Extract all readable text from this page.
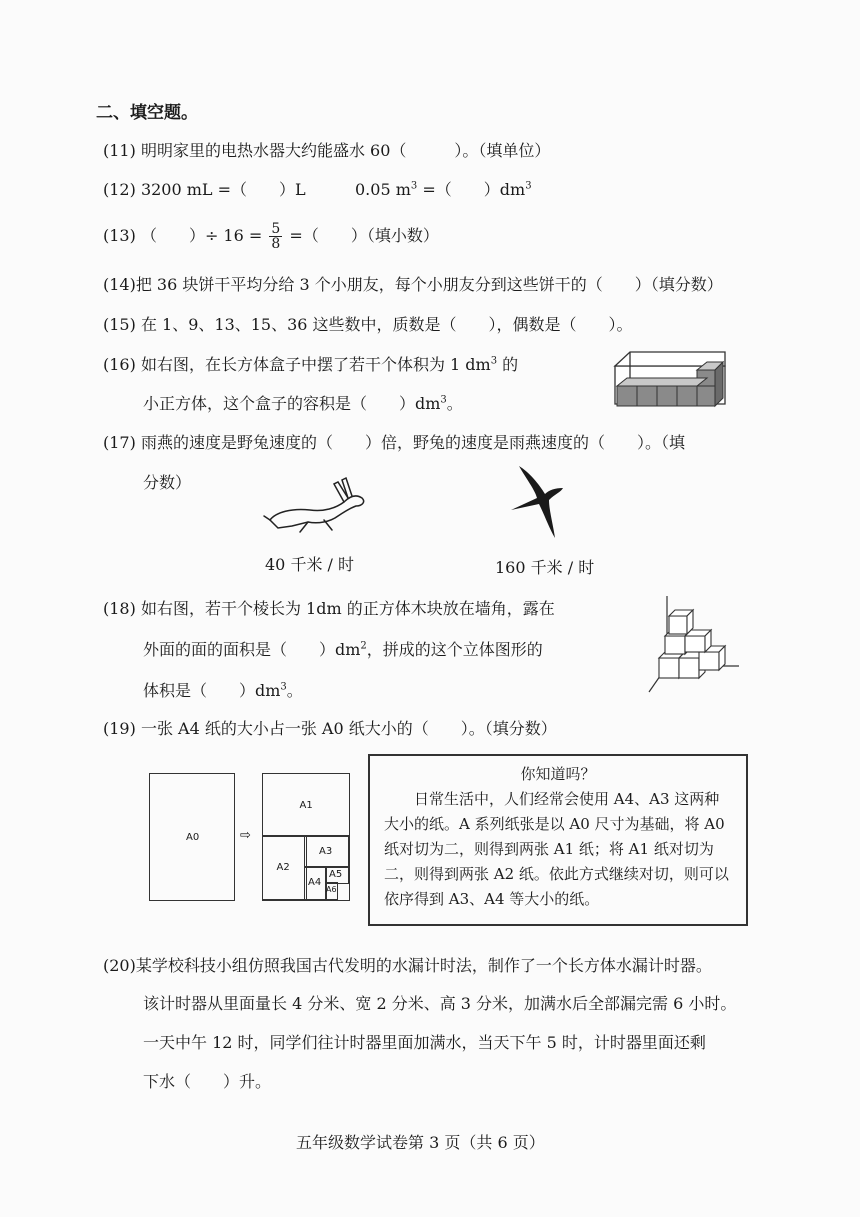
二、填空题。
(11) 明明家里的电热水器大约能盛水 60（　　　）。（填单位）
(12) 3200 mL =（　　）L	0.05 $m^3$ =（　　）$dm^3$
(13) （　　）÷ $16 = \frac{5}{8}$ =（　　）（填小数）
(14)把 36 块饼干平均分给 3 个小朋友，每个小朋友分到这些饼干的（　　）（填分数）
(15) 在 1、9、13、15、36 这些数中，质数是（　　），偶数是（　　）。
(16) 如右图，在长方体盒子中摆了若干个体积为 1 $dm^3$ 的
小正方体，这个盒子的容积是（　　）$dm^3$。
(17) 雨燕的速度是野兔速度的（　　）倍，野兔的速度是雨燕速度的（　　）。（填
分数）
40 千米 / 时	160 千米 / 时
(18) 如右图，若干个棱长为 1dm 的正方体木块放在墙角，露在
外面的面的面积是（　　）$dm^2$，拼成的这个立体图形的
体积是（　　）$dm^3$。
(19) 一张 A4 纸的大小占一张 A0 纸大小的（　　）。（填分数）
A0	⇨
A1
A2
A3
A4
A5
A6
你知道吗？

日常生活中，人们经常会使用 A4、A3 这两种大小的纸。A 系列纸张是以 A0 尺寸为基础，将 A0 纸对切为二，则得到两张 A1 纸；将 A1 纸对切为二，则得到两张 A2 纸。依此方式继续对切，则可以依序得到 A3、A4 等大小的纸。

(20)某学校科技小组仿照我国古代发明的水漏计时法，制作了一个长方体水漏计时器。
该计时器从里面量长 4 分米、宽 2 分米、高 3 分米，加满水后全部漏完需 6 小时。
一天中午 12 时，同学们往计时器里面加满水，当天下午 5 时，计时器里面还剩
下水（　　）升。
五年级数学试卷第 3 页（共 6 页）
